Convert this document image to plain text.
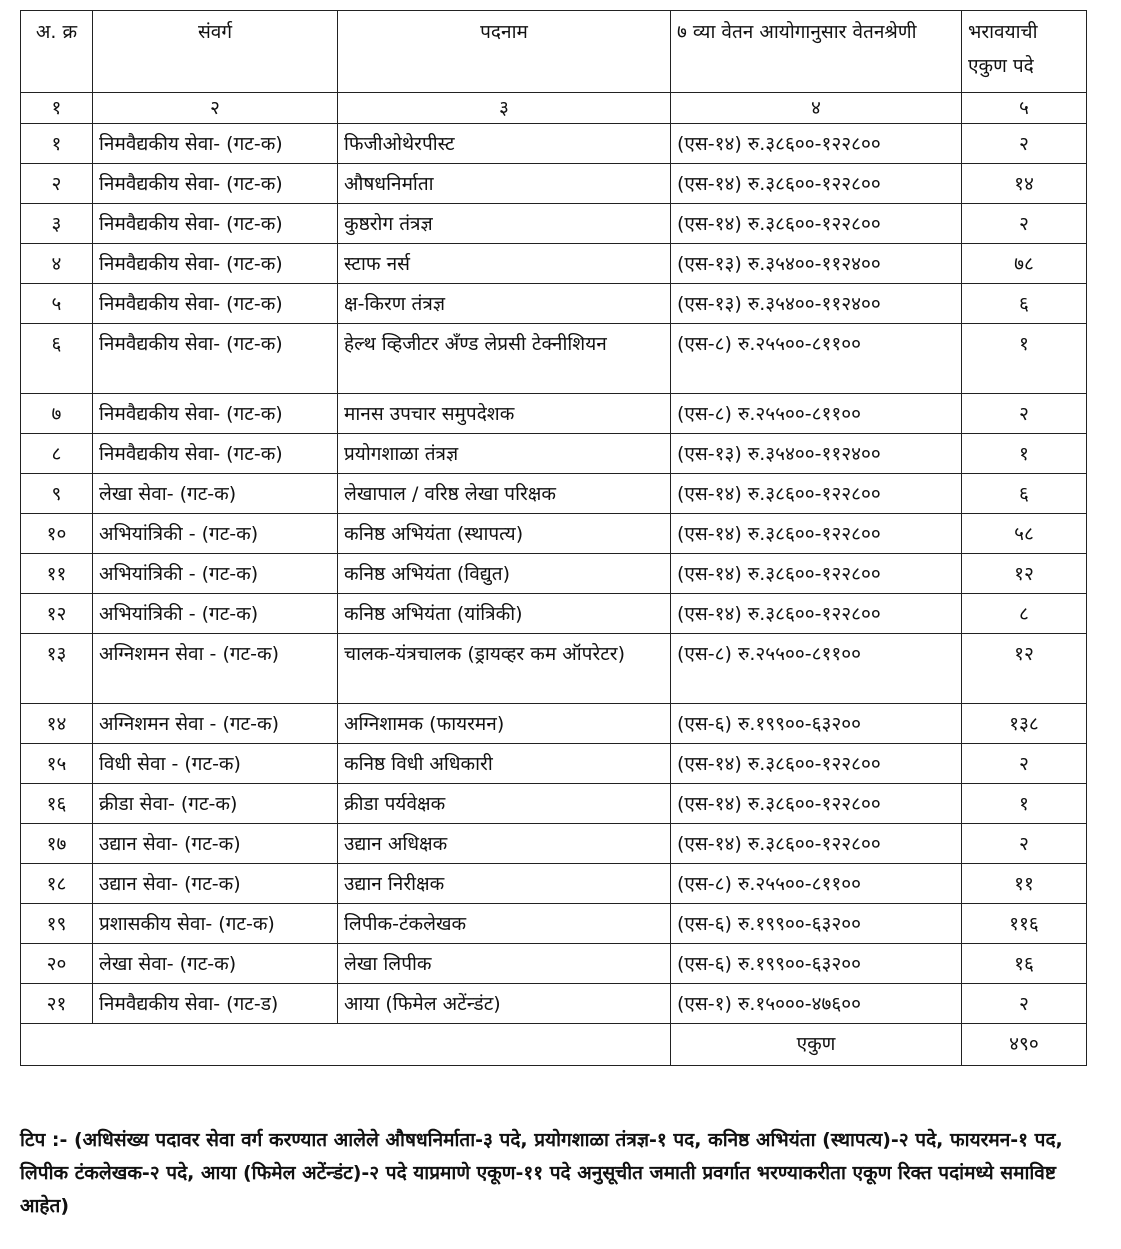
अ. क्र	संवर्ग	पदनाम	७ व्या वेतन आयोगानुसार वेतनश्रेणी	भरावयाची एकुण पदे
१	२	३	४	५
१	निमवैद्यकीय सेवा- (गट-क)	फिजीओथेरपीस्ट	(एस-१४) रु.३८६००-१२२८००	२
२	निमवैद्यकीय सेवा- (गट-क)	औषधनिर्माता	(एस-१४) रु.३८६००-१२२८००	१४
३	निमवैद्यकीय सेवा- (गट-क)	कुष्ठरोग तंत्रज्ञ	(एस-१४) रु.३८६००-१२२८००	२
४	निमवैद्यकीय सेवा- (गट-क)	स्टाफ नर्स	(एस-१३) रु.३५४००-११२४००	७८
५	निमवैद्यकीय सेवा- (गट-क)	क्ष-किरण तंत्रज्ञ	(एस-१३) रु.३५४००-११२४००	६
६	निमवैद्यकीय सेवा- (गट-क)	हेल्थ व्हिजीटर अँण्ड लेप्रसी टेक्नीशियन	(एस-८) रु.२५५००-८११००	१
७	निमवैद्यकीय सेवा- (गट-क)	मानस उपचार समुपदेशक	(एस-८) रु.२५५००-८११००	२
८	निमवैद्यकीय सेवा- (गट-क)	प्रयोगशाळा तंत्रज्ञ	(एस-१३) रु.३५४००-११२४००	१
९	लेखा सेवा- (गट-क)	लेखापाल / वरिष्ठ लेखा परिक्षक	(एस-१४) रु.३८६००-१२२८००	६
१०	अभियांत्रिकी - (गट-क)	कनिष्ठ अभियंता (स्थापत्य)	(एस-१४) रु.३८६००-१२२८००	५८
११	अभियांत्रिकी - (गट-क)	कनिष्ठ अभियंता (विद्युत)	(एस-१४) रु.३८६००-१२२८००	१२
१२	अभियांत्रिकी - (गट-क)	कनिष्ठ अभियंता (यांत्रिकी)	(एस-१४) रु.३८६००-१२२८००	८
१३	अग्निशमन सेवा - (गट-क)	चालक-यंत्रचालक (ड्रायव्हर कम ऑपरेटर)	(एस-८) रु.२५५००-८११००	१२
१४	अग्निशमन सेवा - (गट-क)	अग्निशामक (फायरमन)	(एस-६) रु.१९९००-६३२००	१३८
१५	विधी सेवा - (गट-क)	कनिष्ठ विधी अधिकारी	(एस-१४) रु.३८६००-१२२८००	२
१६	क्रीडा सेवा- (गट-क)	क्रीडा पर्यवेक्षक	(एस-१४) रु.३८६००-१२२८००	१
१७	उद्यान सेवा- (गट-क)	उद्यान अधिक्षक	(एस-१४) रु.३८६००-१२२८००	२
१८	उद्यान सेवा- (गट-क)	उद्यान निरीक्षक	(एस-८) रु.२५५००-८११००	११
१९	प्रशासकीय सेवा- (गट-क)	लिपीक-टंकलेखक	(एस-६) रु.१९९००-६३२००	११६
२०	लेखा सेवा- (गट-क)	लेखा लिपीक	(एस-६) रु.१९९००-६३२००	१६
२१	निमवैद्यकीय सेवा- (गट-ड)	आया (फिमेल अटेंन्डंट)	(एस-१) रु.१५०००-४७६००	२
			एकुण	४९०
टिप :- (अधिसंख्य पदावर सेवा वर्ग करण्यात आलेले औषधनिर्माता-३ पदे, प्रयोगशाळा तंत्रज्ञ-१ पद, कनिष्ठ अभियंता (स्थापत्य)-२ पदे, फायरमन-१ पद, लिपीक टंकलेखक-२ पदे, आया (फिमेल अटेंन्डंट)-२ पदे याप्रमाणे एकूण-११ पदे अनुसूचीत जमाती प्रवर्गात भरण्याकरीता एकूण रिक्त पदांमध्ये समाविष्ट आहेत)
